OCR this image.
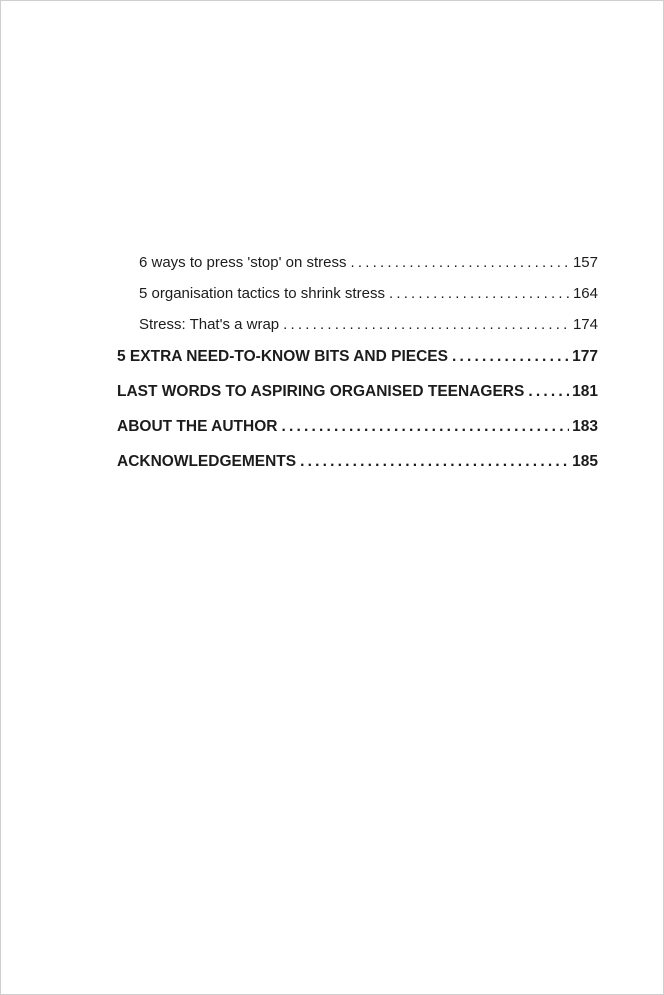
6 ways to press 'stop' on stress .....	157
5 organisation tactics to shrink stress .....	164
Stress: That's a wrap .....	174
5 EXTRA NEED-TO-KNOW BITS AND PIECES .....	177
LAST WORDS TO ASPIRING ORGANISED TEENAGERS .....	181
ABOUT THE AUTHOR .....	183
ACKNOWLEDGEMENTS .....	185
